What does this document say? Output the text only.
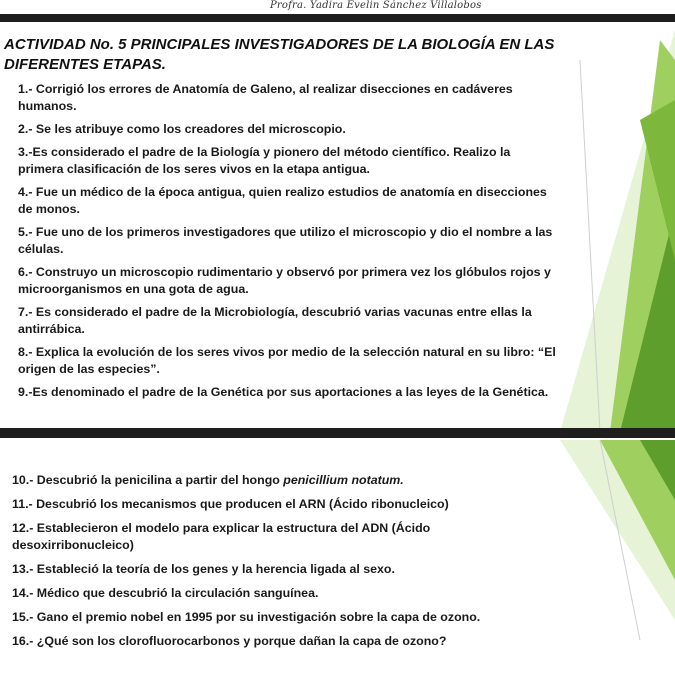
Profra. Yadira Evelin Sánchez Villalobos
ACTIVIDAD No. 5 PRINCIPALES INVESTIGADORES DE LA BIOLOGÍA EN LAS DIFERENTES ETAPAS.
1.- Corrigió los errores de Anatomía de Galeno, al realizar disecciones en cadáveres humanos.
2.- Se les atribuye como los creadores del microscopio.
3.-Es considerado el padre de la Biología y pionero del método científico. Realizo la primera clasificación de los seres vivos en la etapa antigua.
4.- Fue un médico de la época antigua, quien realizo estudios de anatomía en disecciones de monos.
5.- Fue uno de los primeros investigadores que utilizo el microscopio y dio el nombre a las células.
6.- Construyo un microscopio rudimentario y observó por primera vez los glóbulos rojos y microorganismos en una gota de agua.
7.- Es considerado el padre de la Microbiología, descubrió varias vacunas entre ellas la antirrábica.
8.- Explica la evolución de los seres vivos por medio de la selección natural en su libro: “El origen de las especies”.
9.-Es denominado el padre de la Genética por sus aportaciones a las leyes de la Genética.
10.- Descubrió la penicilina a partir del hongo penicillium notatum.
11.- Descubrió los mecanismos que producen el ARN (Ácido ribonucleico)
12.- Establecieron el modelo para explicar la estructura del ADN (Ácido desoxirribonucleico)
13.- Estableció la teoría de los genes y la herencia ligada al sexo.
14.- Médico que descubrió la circulación sanguínea.
15.- Gano el premio nobel en 1995 por su investigación sobre la capa de ozono.
16.- ¿Qué son los clorofluorocarbonos y porque dañan la capa de ozono?
